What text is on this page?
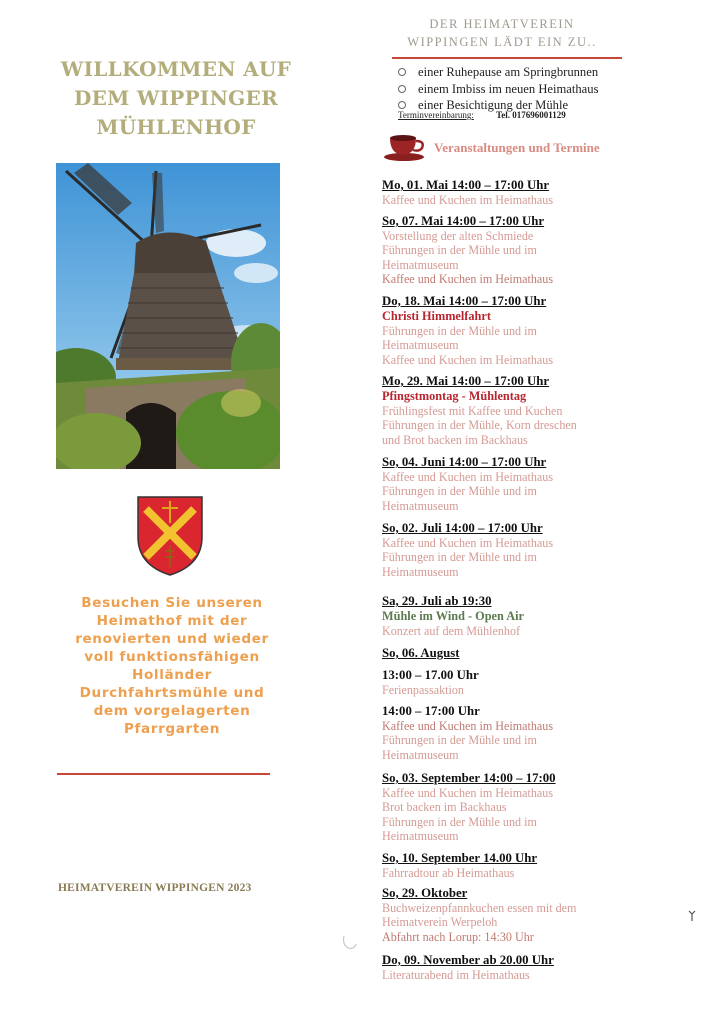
WILLKOMMEN AUF
DEM WIPPINGER
MÜHLENHOF
Besuchen Sie unseren
Heimathof mit der
renovierten und wieder
voll funktionsfähigen
Holländer
Durchfahrtsmühle und
dem vorgelagerten
Pfarrgarten
HEIMATVEREIN WIPPINGEN 2023
DER HEIMATVEREIN
WIPPINGEN LÄDT EIN ZU..
einer Ruhepause am Springbrunnen
einem Imbiss im neuen Heimathaus
einer Besichtigung der Mühle
Terminvereinbarung: Tel. 017696001129
Veranstaltungen und Termine
Mo, 01. Mai 14:00 – 17:00 Uhr
Kaffee und Kuchen im Heimathaus
So, 07. Mai 14:00 – 17:00 Uhr
Vorstellung der alten Schmiede
Führungen in der Mühle und im
Heimatmuseum
Kaffee und Kuchen im Heimathaus
Do, 18. Mai 14:00 – 17:00 Uhr
Christi Himmelfahrt
Führungen in der Mühle und im
Heimatmuseum
Kaffee und Kuchen im Heimathaus
Mo, 29. Mai 14:00 – 17:00 Uhr
Pfingstmontag - Mühlentag
Frühlingsfest mit Kaffee und Kuchen
Führungen in der Mühle, Korn dreschen
und Brot backen im Backhaus
So, 04. Juni 14:00 – 17:00 Uhr
Kaffee und Kuchen im Heimathaus
Führungen in der Mühle und im
Heimatmuseum
So, 02. Juli 14:00 – 17:00 Uhr
Kaffee und Kuchen im Heimathaus
Führungen in der Mühle und im
Heimatmuseum
Sa, 29. Juli ab 19:30
Mühle im Wind - Open Air
Konzert auf dem Mühlenhof
So, 06. August
13:00 – 17.00 Uhr
Ferienpassaktion
14:00 – 17:00 Uhr
Kaffee und Kuchen im Heimathaus
Führungen in der Mühle und im
Heimatmuseum
So, 03. September 14:00 – 17:00
Kaffee und Kuchen im Heimathaus
Brot backen im Backhaus
Führungen in der Mühle und im
Heimatmuseum
So, 10. September 14.00 Uhr
Fahrradtour ab Heimathaus
So, 29. Oktober
Buchweizenpfannkuchen essen mit dem
Heimatverein Werpeloh
Abfahrt nach Lorup: 14:30 Uhr
Do, 09. November ab 20.00 Uhr
Literaturabend im Heimathaus
